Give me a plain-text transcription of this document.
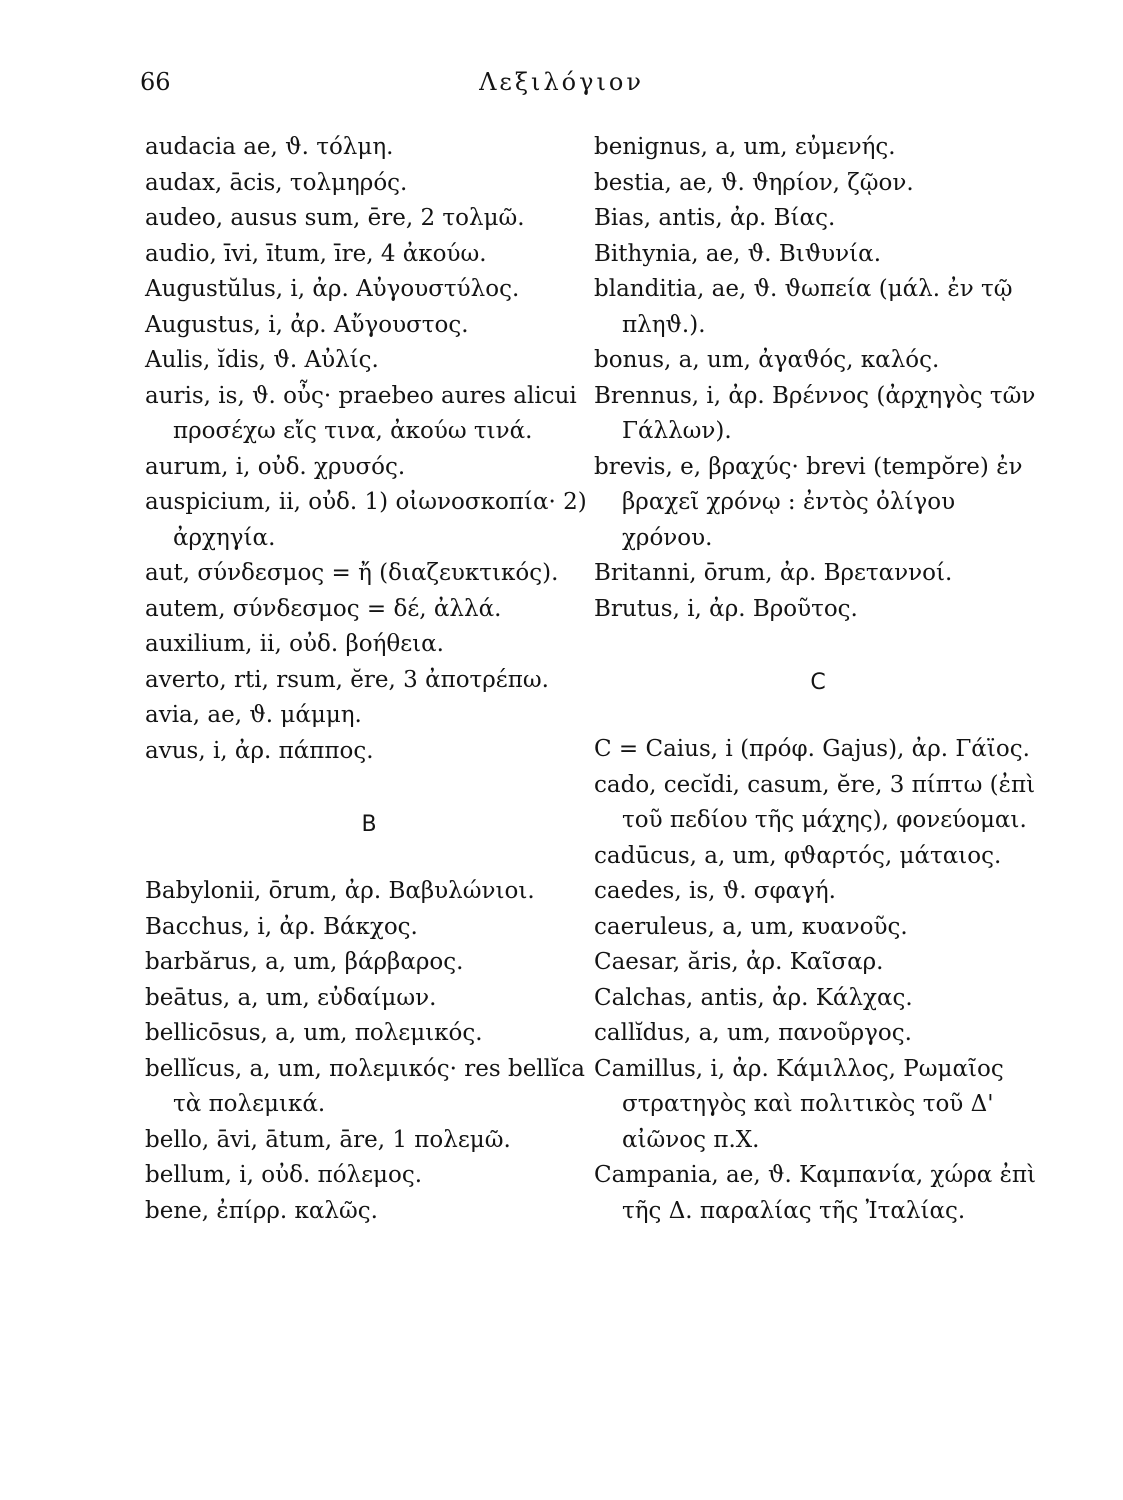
66	Λεξιλόγιον
audacia ae, ϑ. τόλμη.
audax, ācis, τολμηρός.
audeo, ausus sum, ēre, 2 τολμῶ.
audio, īvi, ītum, īre, 4 ἀκούω.
Augustŭlus, i, ἀρ. Αὐγουστύλος.
Augustus, i, ἀρ. Αὔγουστος.
Aulis, ĭdis, ϑ. Αὐλίς.
auris, is, ϑ. οὖς· praebeo aures alicui προσέχω εἴς τινα, ἀκούω τινά.
aurum, i, οὐδ. χρυσός.
auspicium, ii, οὐδ. 1) οἰωνοσκοπία· 2) ἀρχηγία.
aut, σύνδεσμος = ἤ (διαζευκτικός).
autem, σύνδεσμος = δέ, ἀλλά.
auxilium, ii, οὐδ. βοήθεια.
averto, rti, rsum, ĕre, 3 ἀποτρέπω.
avia, ae, ϑ. μάμμη.
avus, i, ἀρ. πάππος.
B
Babylonii, ōrum, ἀρ. Βαβυλώνιοι.
Bacchus, i, ἀρ. Βάκχος.
barbărus, a, um, βάρβαρος.
beātus, a, um, εὐδαίμων.
bellicōsus, a, um, πολεμικός.
bellĭcus, a, um, πολεμικός· res bellĭca τὰ πολεμικά.
bello, āvi, ātum, āre, 1 πολεμῶ.
bellum, i, οὐδ. πόλεμος.
bene, ἐπίρρ. καλῶς.
benignus, a, um, εὐμενής.
bestia, ae, ϑ. ϑηρίον, ζῷον.
Bias, antis, ἀρ. Βίας.
Bithynia, ae, ϑ. Βιϑυνία.
blanditia, ae, ϑ. ϑωπεία (μάλ. ἐν τῷ πληϑ.).
bonus, a, um, ἀγαϑός, καλός.
Brennus, i, ἀρ. Βρέννος (ἀρχηγὸς τῶν Γάλλων).
brevis, e, βραχύς· brevi (tempŏre) ἐν βραχεῖ χρόνῳ : ἐντὸς ὀλίγου χρόνου.
Britanni, ōrum, ἀρ. Βρεταννοί.
Brutus, i, ἀρ. Βροῦτος.
C
C = Caius, i (πρόφ. Gajus), ἀρ. Γάϊος.
cado, cecĭdi, casum, ĕre, 3 πίπτω (ἐπὶ τοῦ πεδίου τῆς μάχης), φονεύομαι.
cadūcus, a, um, φϑαρτός, μάταιος.
caedes, is, ϑ. σφαγή.
caeruleus, a, um, κυανοῦς.
Caesar, ăris, ἀρ. Καῖσαρ.
Calchas, antis, ἀρ. Κάλχας.
callĭdus, a, um, πανοῦργος.
Camillus, i, ἀρ. Κάμιλλος, Ρωμαῖος στρατηγὸς καὶ πολιτικὸς τοῦ Δ' αἰῶνος π.Χ.
Campania, ae, ϑ. Καμπανία, χώρα ἐπὶ τῆς Δ. παραλίας τῆς Ἰταλίας.
